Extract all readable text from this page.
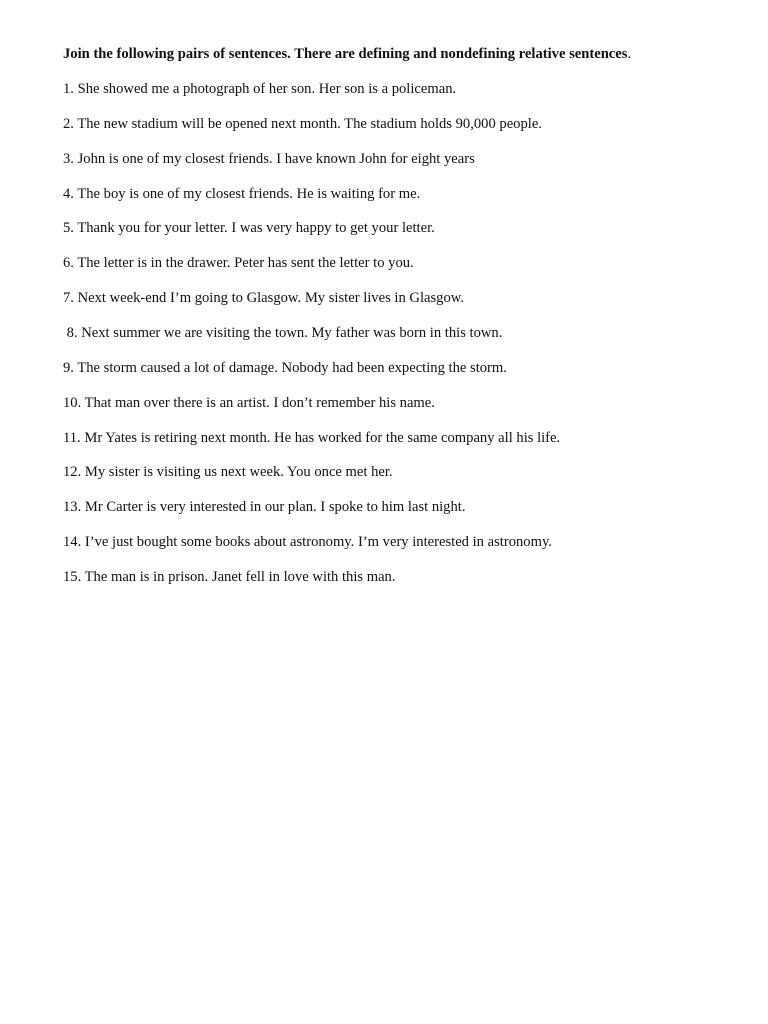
Join the following pairs of sentences. There are defining and nondefining relative sentences.
1. She showed me a photograph of her son. Her son is a policeman.
2. The new stadium will be opened next month. The stadium holds 90,000 people.
3. John is one of my closest friends. I have known John for eight years
4. The boy is one of my closest friends. He is waiting for me.
5. Thank you for your letter. I was very happy to get your letter.
6. The letter is in the drawer. Peter has sent the letter to you.
7. Next week-end I’m going to Glasgow. My sister lives in Glasgow.
8. Next summer we are visiting the town. My father was born in this town.
9. The storm caused a lot of damage. Nobody had been expecting the storm.
10. That man over there is an artist. I don’t remember his name.
11. Mr Yates is retiring next month. He has worked for the same company all his life.
12. My sister is visiting us next week. You once met her.
13. Mr Carter is very interested in our plan. I spoke to him last night.
14. I’ve just bought some books about astronomy. I’m very interested in astronomy.
15. The man is in prison. Janet fell in love with this man.
